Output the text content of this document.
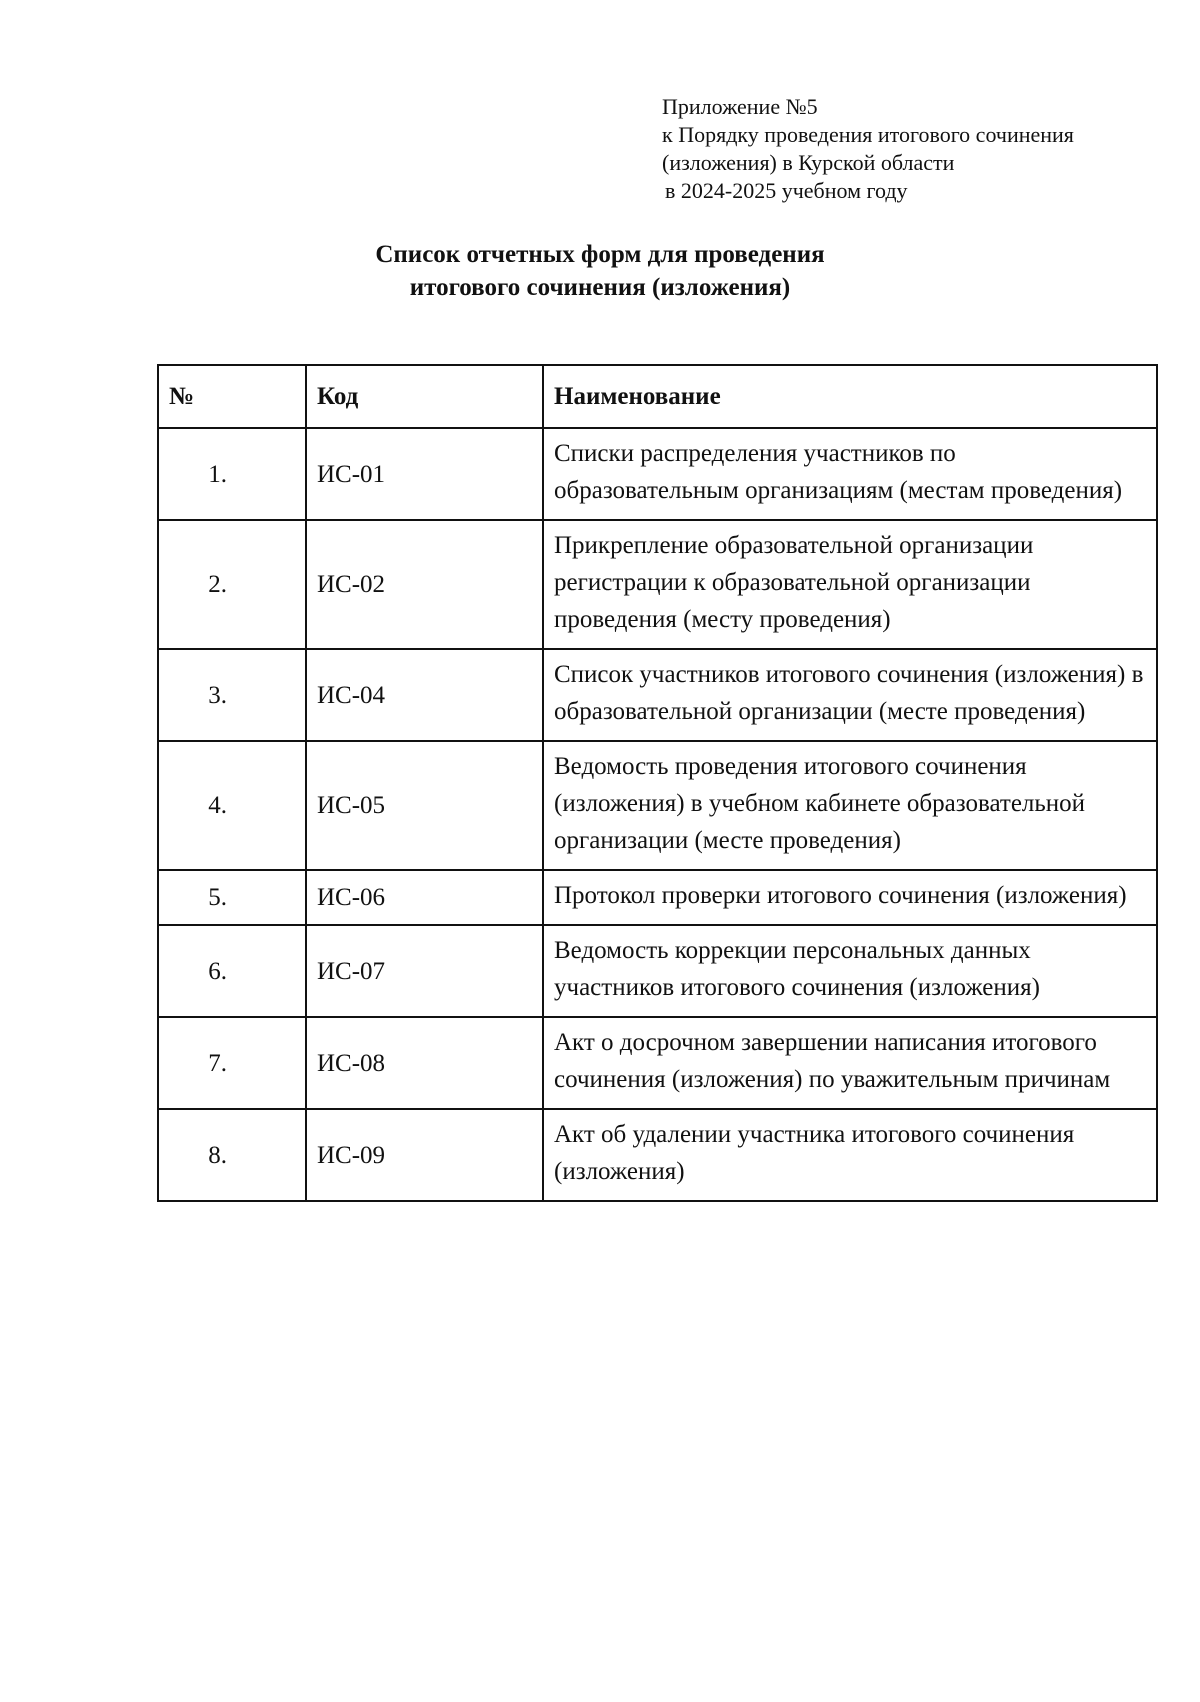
Приложение №5
к Порядку проведения итогового сочинения
(изложения) в Курской области
в 2024-2025 учебном году
Список отчетных форм для проведения
итогового сочинения (изложения)
№	Код	Наименование
1.	ИС-01	Списки распределения участников по образовательным организациям (местам проведения)
2.	ИС-02	Прикрепление образовательной организации регистрации к образовательной организации проведения (месту проведения)
3.	ИС-04	Список участников итогового сочинения (изложения) в образовательной организации (месте проведения)
4.	ИС-05	Ведомость проведения итогового сочинения (изложения) в учебном кабинете образовательной организации (месте проведения)
5.	ИС-06	Протокол проверки итогового сочинения (изложения)
6.	ИС-07	Ведомость коррекции персональных данных участников итогового сочинения (изложения)
7.	ИС-08	Акт о досрочном завершении написания итогового сочинения (изложения) по уважительным причинам
8.	ИС-09	Акт об удалении участника итогового сочинения (изложения)
